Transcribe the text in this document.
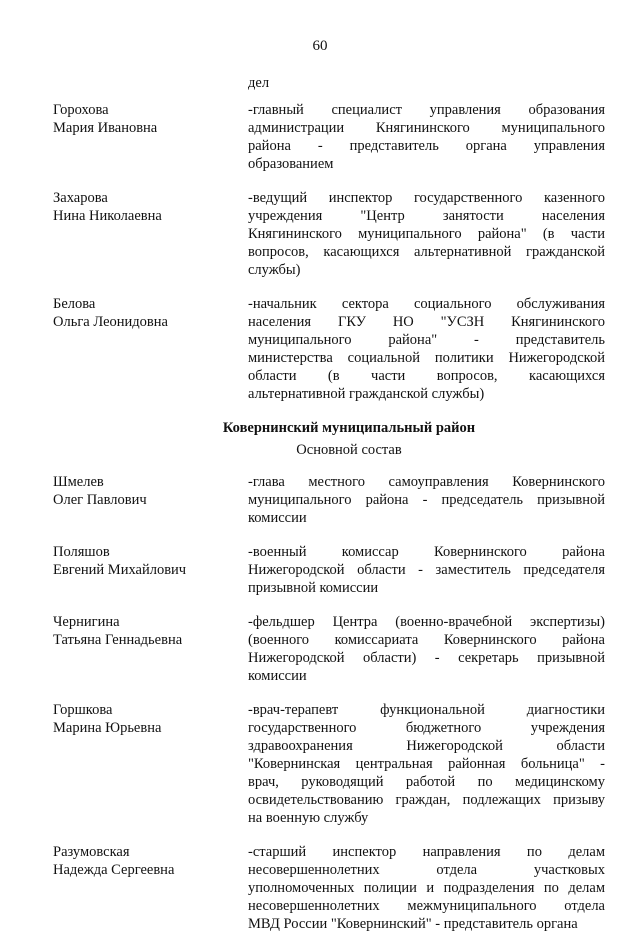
60
дел
Горохова
Мария Ивановна
-главный специалист управления образования
администрации Княгининского муниципального
района - представитель органа управления
образованием
Захарова
Нина Николаевна
-ведущий инспектор государственного казенного
учреждения "Центр занятости населения
Княгининского муниципального района" (в части
вопросов, касающихся альтернативной гражданской
службы)
Белова
Ольга Леонидовна
-начальник сектора социального обслуживания
населения ГКУ НО "УСЗН Княгининского
муниципального района" - представитель
министерства социальной политики Нижегородской
области (в части вопросов, касающихся
альтернативной гражданской службы)
Ковернинский муниципальный район
Основной состав
Шмелев
Олег Павлович
-глава местного самоуправления Ковернинского
муниципального района - председатель призывной
комиссии
Поляшов
Евгений Михайлович
-военный комиссар Ковернинского района
Нижегородской области - заместитель председателя
призывной комиссии
Чернигина
Татьяна Геннадьевна
-фельдшер Центра (военно-врачебной экспертизы)
(военного комиссариата Ковернинского района
Нижегородской области) - секретарь призывной
комиссии
Горшкова
Марина Юрьевна
-врач-терапевт функциональной диагностики
государственного бюджетного учреждения
здравоохранения Нижегородской области
"Ковернинская центральная районная больница" -
врач, руководящий работой по медицинскому
освидетельствованию граждан, подлежащих призыву
на военную службу
Разумовская
Надежда Сергеевна
-старший инспектор направления по делам
несовершеннолетних отдела участковых
уполномоченных полиции и подразделения по делам
несовершеннолетних межмуниципального отдела
МВД России "Ковернинский" - представитель органа
